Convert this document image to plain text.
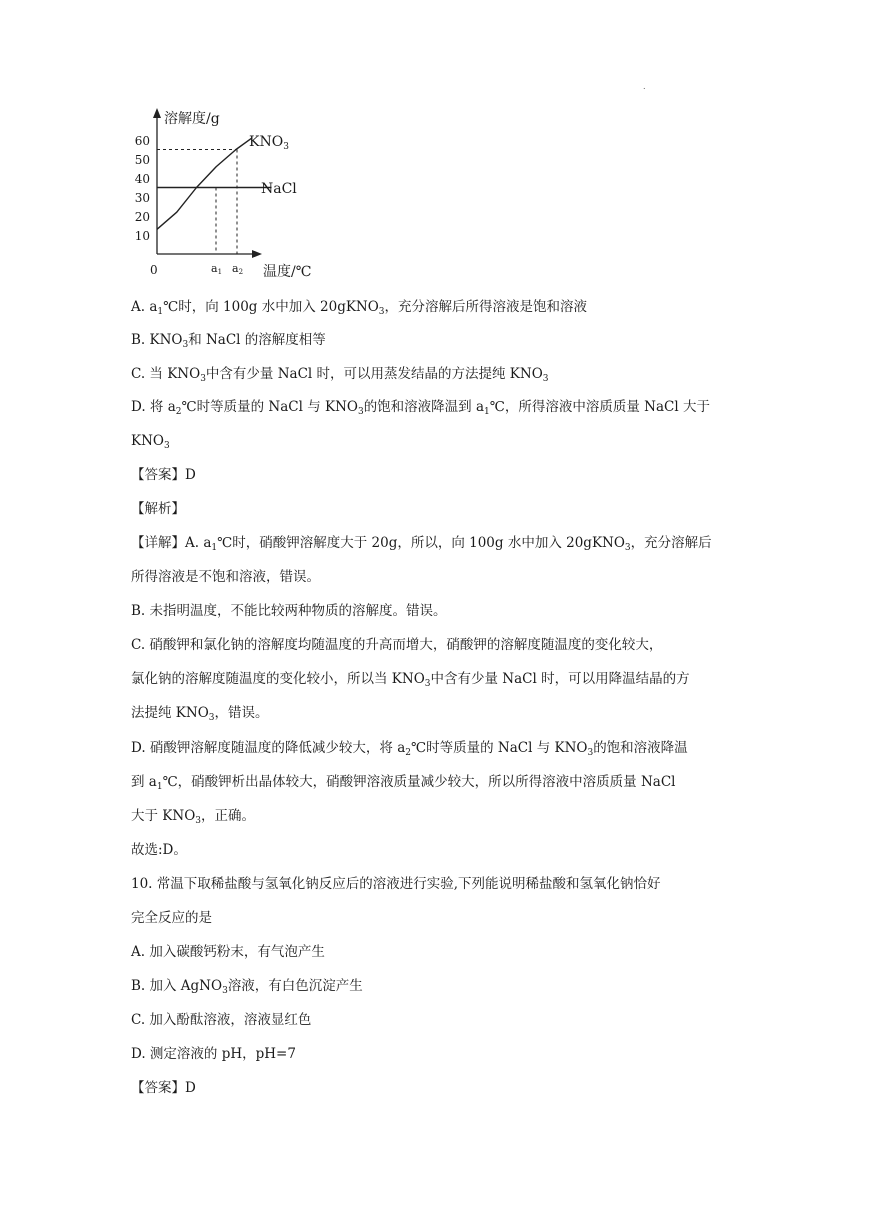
.
溶解度/g
温度/℃
0
60
50
40
30
20
10
a1 a2
$KNO_3$
NaCl
A. $a_1℃$时，向 100g 水中加入 20gKNO$_3$，充分溶解后所得溶液是饱和溶液
B. $KNO_3$和 NaCl 的溶解度相等
C. 当 $KNO_3$中含有少量 NaCl 时，可以用蒸发结晶的方法提纯 $KNO_3$
D. 将 $a_2℃$时等质量的 NaCl 与 $KNO_3$的饱和溶液降温到 $a_1℃$，所得溶液中溶质质量 NaCl 大于
$KNO_3$
【答案】D
【解析】
【详解】A. $a_1℃$时，硝酸钾溶解度大于 20g，所以，向 100g 水中加入 20gKNO$_3$，充分溶解后
所得溶液是不饱和溶液，错误。
B. 未指明温度，不能比较两种物质的溶解度。错误。
C. 硝酸钾和氯化钠的溶解度均随温度的升高而增大，硝酸钾的溶解度随温度的变化较大，
氯化钠的溶解度随温度的变化较小，所以当 $KNO_3$中含有少量 NaCl 时，可以用降温结晶的方
法提纯 $KNO_3$，错误。
D. 硝酸钾溶解度随温度的降低减少较大，将 $a_2℃$时等质量的 NaCl 与 $KNO_3$的饱和溶液降温
到 $a_1℃$，硝酸钾析出晶体较大，硝酸钾溶液质量减少较大，所以所得溶液中溶质质量 NaCl
大于 $KNO_3$，正确。
故选:D。
10. 常温下取稀盐酸与氢氧化钠反应后的溶液进行实验,下列能说明稀盐酸和氢氧化钠恰好
完全反应的是
A. 加入碳酸钙粉末，有气泡产生
B. 加入 AgNO$_3$溶液，有白色沉淀产生
C. 加入酚酞溶液，溶液显红色
D. 测定溶液的 pH，pH=7
【答案】D
